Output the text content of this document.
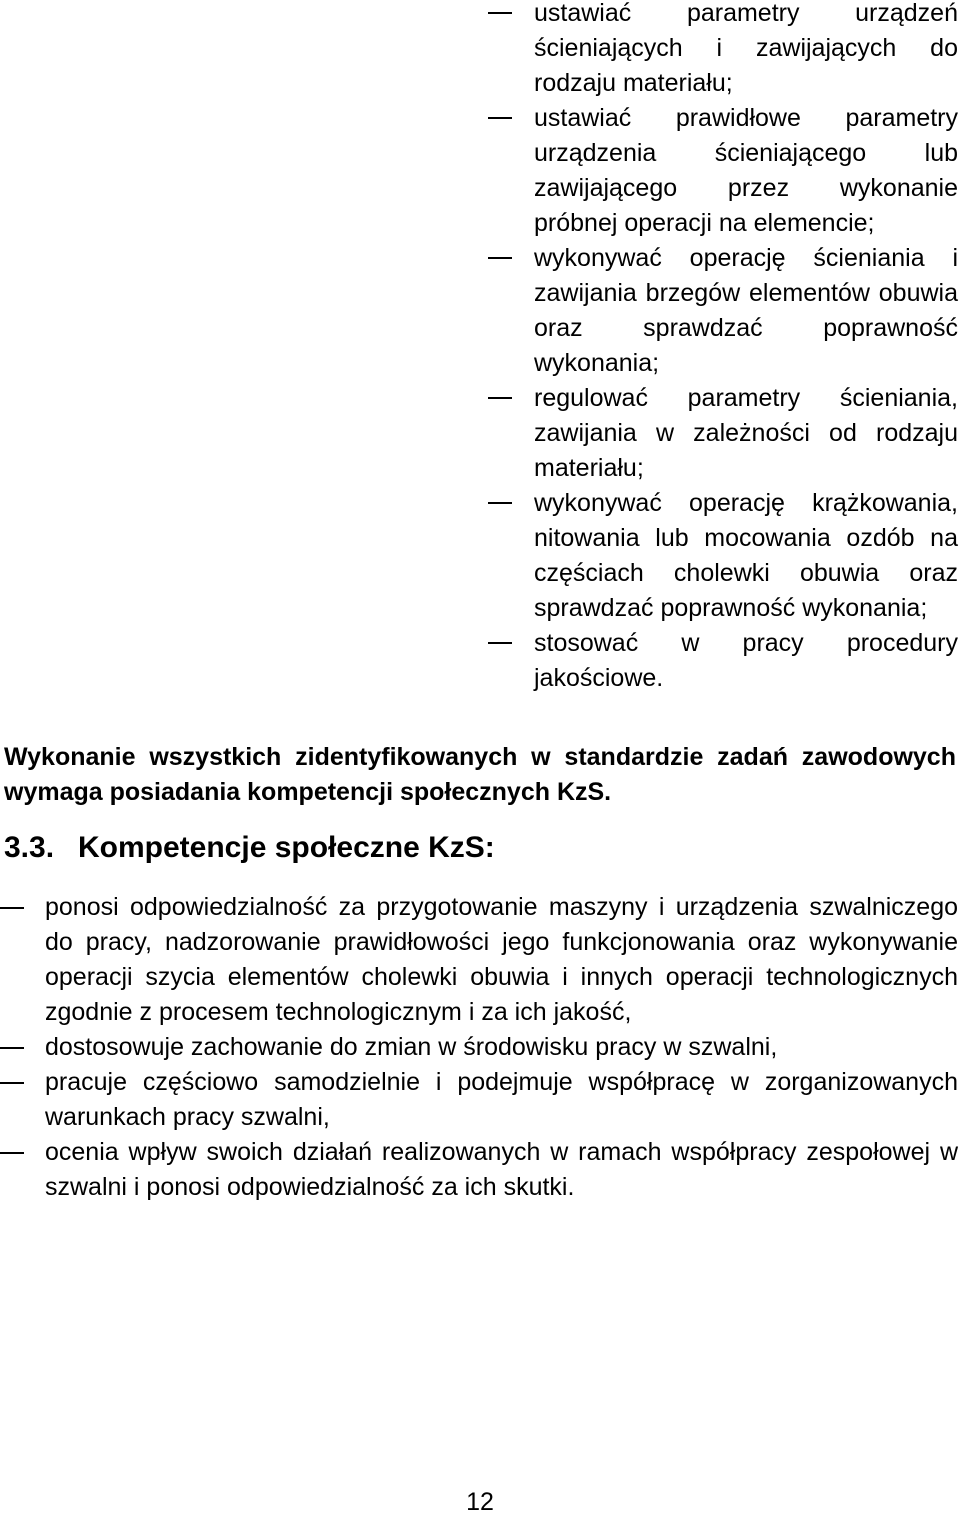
ustawiać parametry urządzeń ścieniających i zawijających do rodzaju materiału;
ustawiać prawidłowe parametry urządzenia ścieniającego lub zawijającego przez wykonanie próbnej operacji na elemencie;
wykonywać operację ścieniania i zawijania brzegów elementów obuwia oraz sprawdzać poprawność wykonania;
regulować parametry ścieniania, zawijania w zależności od rodzaju materiału;
wykonywać operację krążkowania, nitowania lub mocowania ozdób na częściach cholewki obuwia oraz sprawdzać poprawność wykonania;
stosować w pracy procedury jakościowe.

Wykonanie wszystkich zidentyfikowanych w standardzie zadań zawodowych wymaga posiadania kompetencji społecznych KzS.

3.3. Kompetencje społeczne KzS:
ponosi odpowiedzialność za przygotowanie maszyny i urządzenia szwalniczego do pracy, nadzorowanie prawidłowości jego funkcjonowania oraz wykonywanie operacji szycia elementów cholewki obuwia i innych operacji technologicznych zgodnie z procesem technologicznym i za ich jakość,
dostosowuje zachowanie do zmian w środowisku pracy w szwalni,
pracuje częściowo samodzielnie i podejmuje współpracę w zorganizowanych warunkach pracy szwalni,
ocenia wpływ swoich działań realizowanych w ramach współpracy zespołowej w szwalni i ponosi odpowiedzialność za ich skutki.
12
